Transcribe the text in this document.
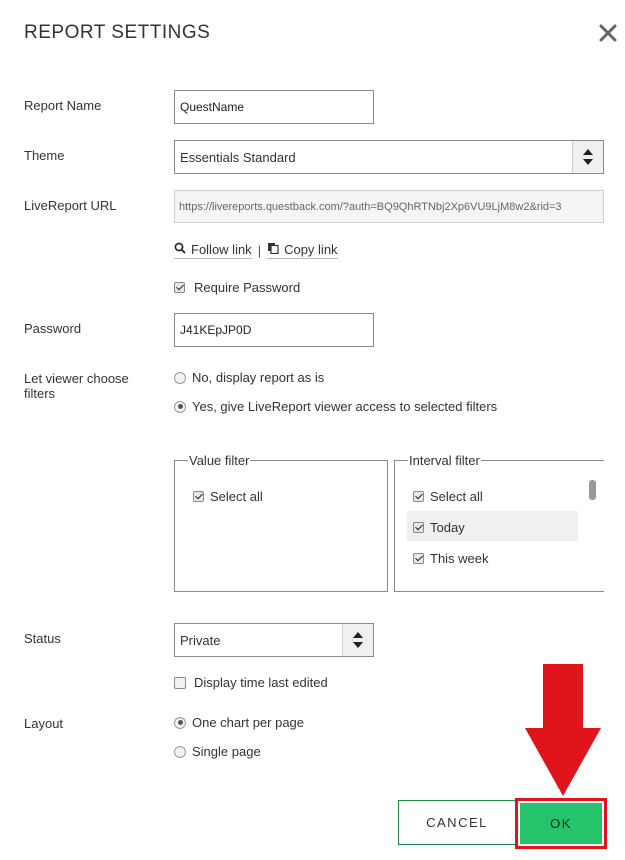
REPORT SETTINGS
Report Name	QuestName
Theme	Essentials Standard
LiveReport URL	https://livereports.questback.com/?auth=BQ9QhRTNbj2Xp6VU9LjM8w2&rid=3
Follow link | Copy link
Require Password
Password	J41KEpJP0D
Let viewer choose filters
No, display report as is
Yes, give LiveReport viewer access to selected filters
Value filter
Select all
Interval filter
Select all
Today
This week
Status	Private
Display time last edited
Layout	One chart per page
Single page
CANCEL	OK
